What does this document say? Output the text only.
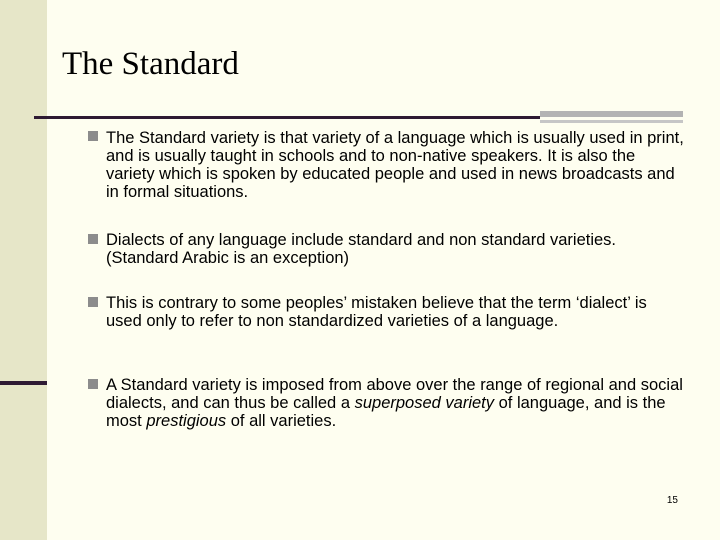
The Standard
The Standard variety is that variety of a language which is usually used in print, and is usually taught in schools and to non-native speakers. It is also the variety which is spoken by educated people and used in news broadcasts and in formal situations.
Dialects of any language include standard and non standard varieties. (Standard Arabic is an exception)
This is contrary to some peoples’ mistaken believe that the term ‘dialect’ is used only to refer to non standardized varieties of a language.
A Standard variety is imposed from above over the range of regional and social dialects, and can thus be called a superposed variety of language, and is the most prestigious of all varieties.
15
